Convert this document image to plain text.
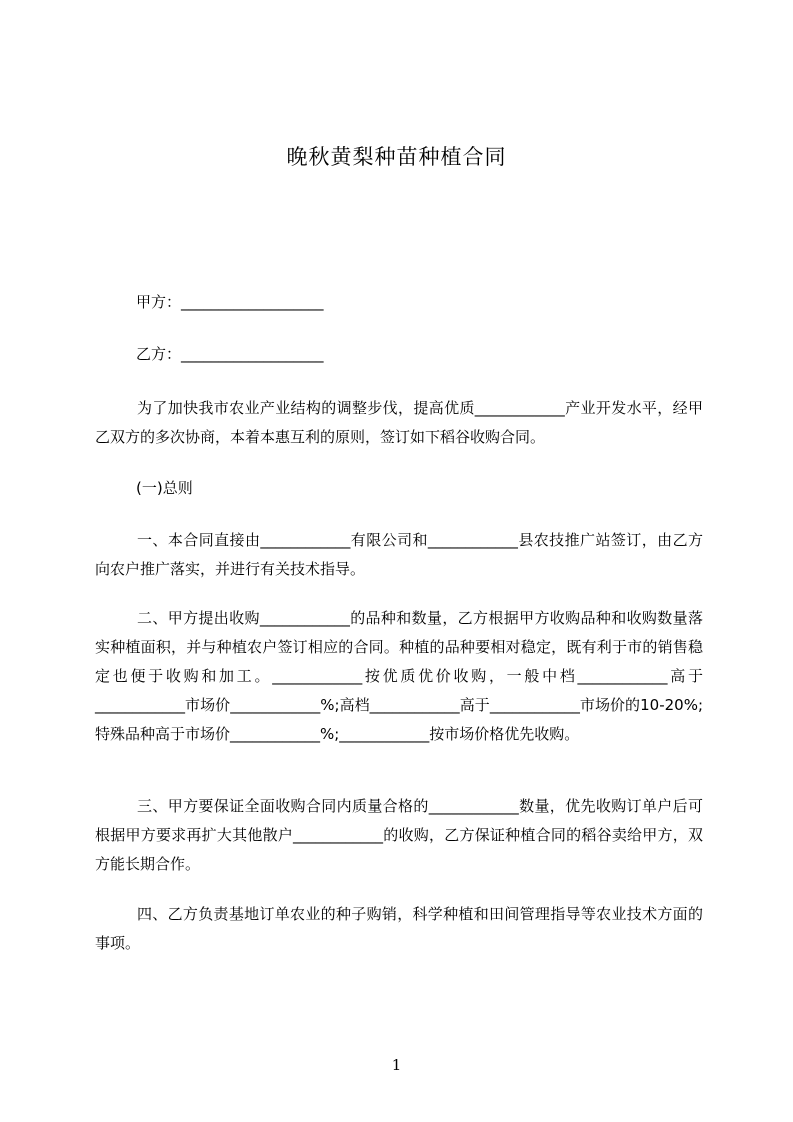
晚秋黄梨种苗种植合同
甲方：___________________
乙方：___________________
为了加快我市农业产业结构的调整步伐，提高优质____________产业开发水平，经甲乙双方的多次协商，本着本惠互利的原则，签订如下稻谷收购合同。
(一)总则
一、本合同直接由____________有限公司和____________县农技推广站签订，由乙方向农户推广落实，并进行有关技术指导。
二、甲方提出收购____________的品种和数量，乙方根据甲方收购品种和收购数量落实种植面积，并与种植农户签订相应的合同。种植的品种要相对稳定，既有利于市的销售稳定也便于收购和加工。____________按优质优价收购，一般中档____________高于____________市场价____________%;高档____________高于____________市场价的10-20%;特殊品种高于市场价____________%;____________按市场价格优先收购。
三、甲方要保证全面收购合同内质量合格的____________数量，优先收购订单户后可根据甲方要求再扩大其他散户____________的收购，乙方保证种植合同的稻谷卖给甲方，双方能长期合作。
四、乙方负责基地订单农业的种子购销，科学种植和田间管理指导等农业技术方面的事项。
1
